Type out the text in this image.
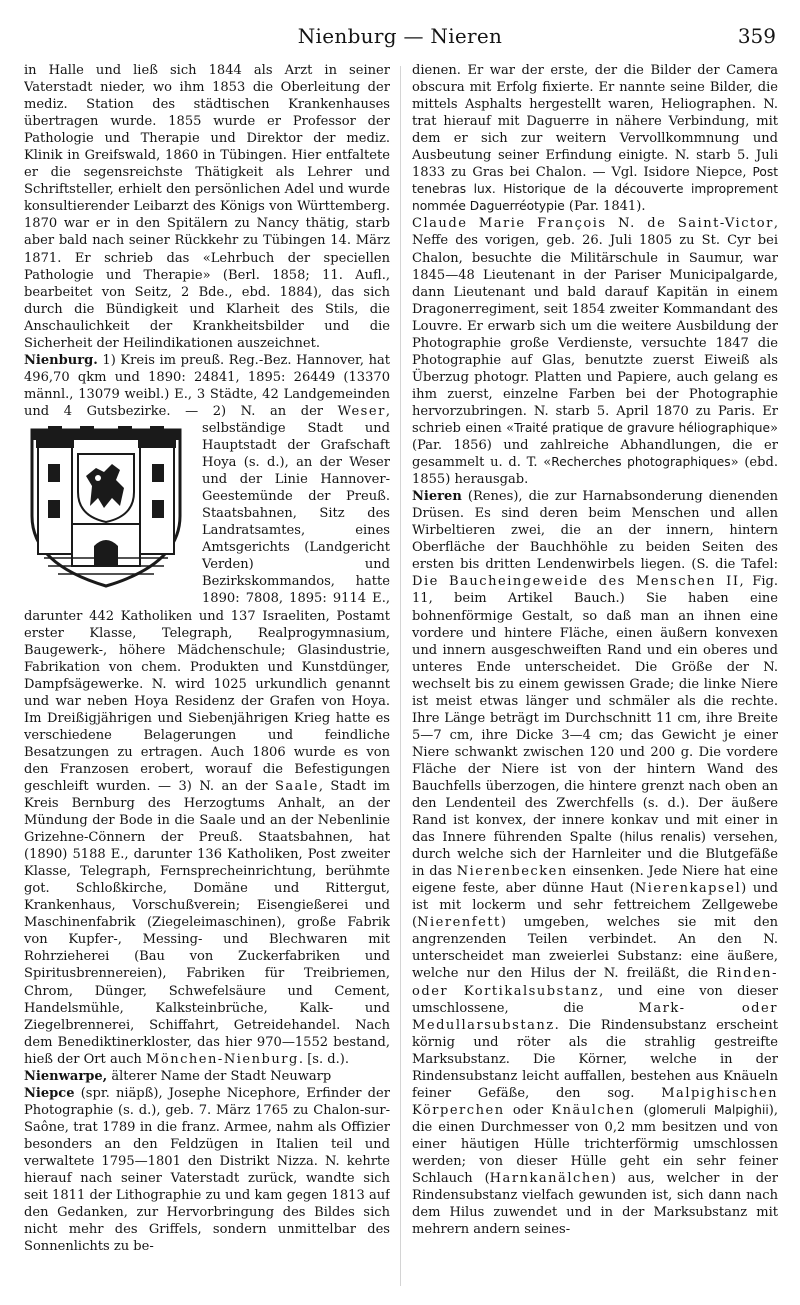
Nienburg — Nieren	359

in Halle und ließ sich 1844 als Arzt in seiner Vaterstadt nieder, wo ihm 1853 die Oberleitung der mediz. Station des städtischen Krankenhauses übertragen wurde. 1855 wurde er Professor der Pathologie und Therapie und Direktor der mediz. Klinik in Greifswald, 1860 in Tübingen. Hier entfaltete er die segensreichste Thätigkeit als Lehrer und Schriftsteller, erhielt den persönlichen Adel und wurde konsultierender Leibarzt des Königs von Württemberg. 1870 war er in den Spitälern zu Nancy thätig, starb aber bald nach seiner Rückkehr zu Tübingen 14. März 1871. Er schrieb das «Lehrbuch der speciellen Pathologie und Therapie» (Berl. 1858; 11. Aufl., bearbeitet von Seitz, 2 Bde., ebd. 1884), das sich durch die Bündigkeit und Klarheit des Stils, die Anschaulichkeit der Krankheitsbilder und die Sicherheit der Heilindikationen auszeichnet.

Nienburg. 1) Kreis im preuß. Reg.-Bez. Hannover, hat 496,70 qkm und 1890: 24841, 1895: 26449 (13370 männl., 13079 weibl.) E., 3 Städte, 42 Landgemeinden und 4 Gutsbezirke. — 2) N. an der Weser
, selbständige Stadt und Hauptstadt der Grafschaft Hoya (s. d.), an der Weser und der Linie Hannover-Geestemünde der Preuß. Staatsbahnen, Sitz des Landratsamtes, eines Amtsgerichts (Landgericht Verden) und Bezirkskommandos, hatte 1890: 7808, 1895: 9114 E., darunter 442 Katholiken und 137 Israeliten, Postamt erster Klasse, Telegraph, Realprogymnasium, Baugewerk-, höhere Mädchenschule; Glasindustrie, Fabrikation von chem. Produkten und Kunstdünger, Dampfsägewerke. N. wird 1025 urkundlich genannt und war neben Hoya Residenz der Grafen von Hoya. Im Dreißigjährigen und Siebenjährigen Krieg hatte es verschiedene Belagerungen und feindliche Besatzungen zu ertragen. Auch 1806 wurde es von den Franzosen erobert, worauf die Befestigungen geschleift wurden. — 3) N. an der Saale, Stadt im Kreis Bernburg des Herzogtums Anhalt, an der Mündung der Bode in die Saale und an der Nebenlinie Grizehne-Cönnern der Preuß. Staatsbahnen, hat (1890) 5188 E., darunter 136 Katholiken, Post zweiter Klasse, Telegraph, Fernsprecheinrichtung, berühmte got. Schloßkirche, Domäne und Rittergut, Krankenhaus, Vorschußverein; Eisengießerei und Maschinenfabrik (Ziegeleimaschinen), große Fabrik von Kupfer-, Messing- und Blechwaren mit Rohrzieherei (Bau von Zuckerfabriken und Spiritusbrennereien), Fabriken für Treibriemen, Chrom, Dünger, Schwefelsäure und Cement, Handelsmühle, Kalksteinbrüche, Kalk- und Ziegelbrennerei, Schiffahrt, Getreidehandel. Nach dem Benediktinerkloster, das hier 970—1552 bestand, hieß der Ort auch Mönchen-Nienburg. [s. d.).

Nienwarpe, älterer Name der Stadt Neuwarp

Niepce (spr. niäpß), Josephe Nicephore, Erfinder der Photographie (s. d.), geb. 7. März 1765 zu Chalon-sur-Saône, trat 1789 in die franz. Armee, nahm als Offizier besonders an den Feldzügen in Italien teil und verwaltete 1795—1801 den Distrikt Nizza. N. kehrte hierauf nach seiner Vaterstadt zurück, wandte sich seit 1811 der Lithographie zu und kam gegen 1813 auf den Gedanken, zur Hervorbringung des Bildes sich nicht mehr des Griffels, sondern unmittelbar des Sonnenlichts zu be-

dienen. Er war der erste, der die Bilder der Camera obscura mit Erfolg fixierte. Er nannte seine Bilder, die mittels Asphalts hergestellt waren, Heliographen. N. trat hierauf mit Daguerre in nähere Verbindung, mit dem er sich zur weitern Vervollkommnung und Ausbeutung seiner Erfindung einigte. N. starb 5. Juli 1833 zu Gras bei Chalon. — Vgl. Isidore Niepce, Post tenebras lux. Historique de la découverte improprement nommée Daguerréotypie (Par. 1841).

Claude Marie François N. de Saint-Victor, Neffe des vorigen, geb. 26. Juli 1805 zu St. Cyr bei Chalon, besuchte die Militärschule in Saumur, war 1845—48 Lieutenant in der Pariser Municipalgarde, dann Lieutenant und bald darauf Kapitän in einem Dragonerregiment, seit 1854 zweiter Kommandant des Louvre. Er erwarb sich um die weitere Ausbildung der Photographie große Verdienste, versuchte 1847 die Photographie auf Glas, benutzte zuerst Eiweiß als Überzug photogr. Platten und Papiere, auch gelang es ihm zuerst, einzelne Farben bei der Photographie hervorzubringen. N. starb 5. April 1870 zu Paris. Er schrieb einen «Traité pratique de gravure héliographique» (Par. 1856) und zahlreiche Abhandlungen, die er gesammelt u. d. T. «Recherches photographiques» (ebd. 1855) herausgab.

Nieren (Renes), die zur Harnabsonderung dienenden Drüsen. Es sind deren beim Menschen und allen Wirbeltieren zwei, die an der innern, hintern Oberfläche der Bauchhöhle zu beiden Seiten des ersten bis dritten Lendenwirbels liegen. (S. die Tafel: Die Baucheingeweide des Menschen II, Fig. 11, beim Artikel Bauch.) Sie haben eine bohnenförmige Gestalt, so daß man an ihnen eine vordere und hintere Fläche, einen äußern konvexen und innern ausgeschweiften Rand und ein oberes und unteres Ende unterscheidet. Die Größe der N. wechselt bis zu einem gewissen Grade; die linke Niere ist meist etwas länger und schmäler als die rechte. Ihre Länge beträgt im Durchschnitt 11 cm, ihre Breite 5—7 cm, ihre Dicke 3—4 cm; das Gewicht je einer Niere schwankt zwischen 120 und 200 g. Die vordere Fläche der Niere ist von der hintern Wand des Bauchfells überzogen, die hintere grenzt nach oben an den Lendenteil des Zwerchfells (s. d.). Der äußere Rand ist konvex, der innere konkav und mit einer in das Innere führenden Spalte (hilus renalis) versehen, durch welche sich der Harnleiter und die Blutgefäße in das Nierenbecken einsenken. Jede Niere hat eine eigene feste, aber dünne Haut (Nierenkapsel) und ist mit lockerm und sehr fettreichem Zellgewebe (Nierenfett) umgeben, welches sie mit den angrenzenden Teilen verbindet. An den N. unterscheidet man zweierlei Substanz: eine äußere, welche nur den Hilus der N. freiläßt, die Rinden- oder Kortikalsubstanz, und eine von dieser umschlossene, die Mark- oder Medullarsubstanz. Die Rindensubstanz erscheint körnig und röter als die strahlig gestreifte Marksubstanz. Die Körner, welche in der Rindensubstanz leicht auffallen, bestehen aus Knäueln feiner Gefäße, den sog. Malpighischen Körperchen oder Knäulchen (glomeruli Malpighii), die einen Durchmesser von 0,2 mm besitzen und von einer häutigen Hülle trichterförmig umschlossen werden; von dieser Hülle geht ein sehr feiner Schlauch (Harnkanälchen) aus, welcher in der Rindensubstanz vielfach gewunden ist, sich dann nach dem Hilus zuwendet und in der Marksubstanz mit mehrern andern seines-
